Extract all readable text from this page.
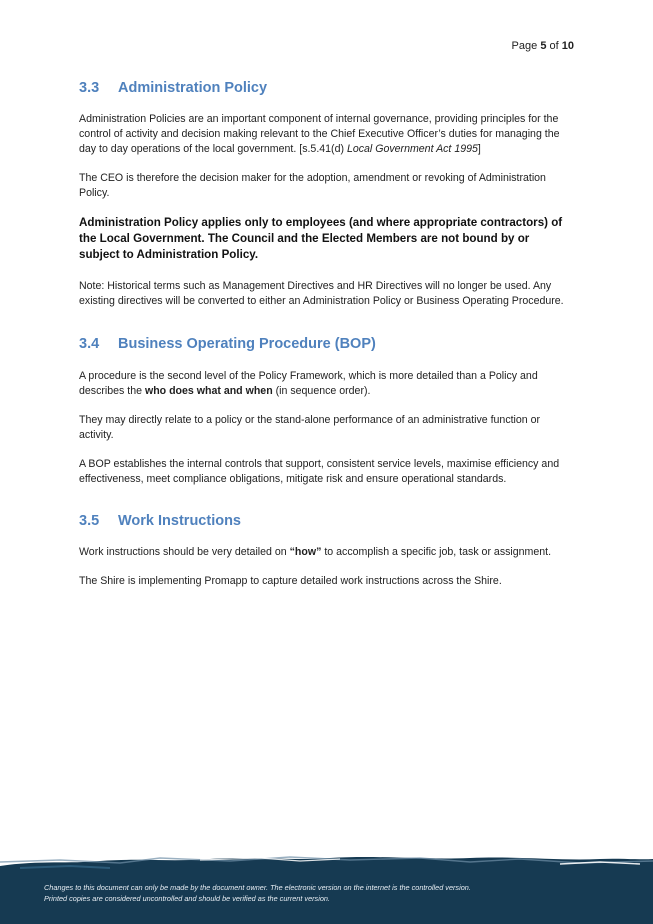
Page 5 of 10
3.3 Administration Policy
Administration Policies are an important component of internal governance, providing principles for the control of activity and decision making relevant to the Chief Executive Officer’s duties for managing the day to day operations of the local government. [s.5.41(d) Local Government Act 1995]
The CEO is therefore the decision maker for the adoption, amendment or revoking of Administration Policy.
Administration Policy applies only to employees (and where appropriate contractors) of the Local Government. The Council and the Elected Members are not bound by or subject to Administration Policy.
Note: Historical terms such as Management Directives and HR Directives will no longer be used. Any existing directives will be converted to either an Administration Policy or Business Operating Procedure.
3.4 Business Operating Procedure (BOP)
A procedure is the second level of the Policy Framework, which is more detailed than a Policy and describes the who does what and when (in sequence order).
They may directly relate to a policy or the stand-alone performance of an administrative function or activity.
A BOP establishes the internal controls that support, consistent service levels, maximise efficiency and effectiveness, meet compliance obligations, mitigate risk and ensure operational standards.
3.5 Work Instructions
Work instructions should be very detailed on “how” to accomplish a specific job, task or assignment.
The Shire is implementing Promapp to capture detailed work instructions across the Shire.
Changes to this document can only be made by the document owner. The electronic version on the internet is the controlled version.
Printed copies are considered uncontrolled and should be verified as the current version.
